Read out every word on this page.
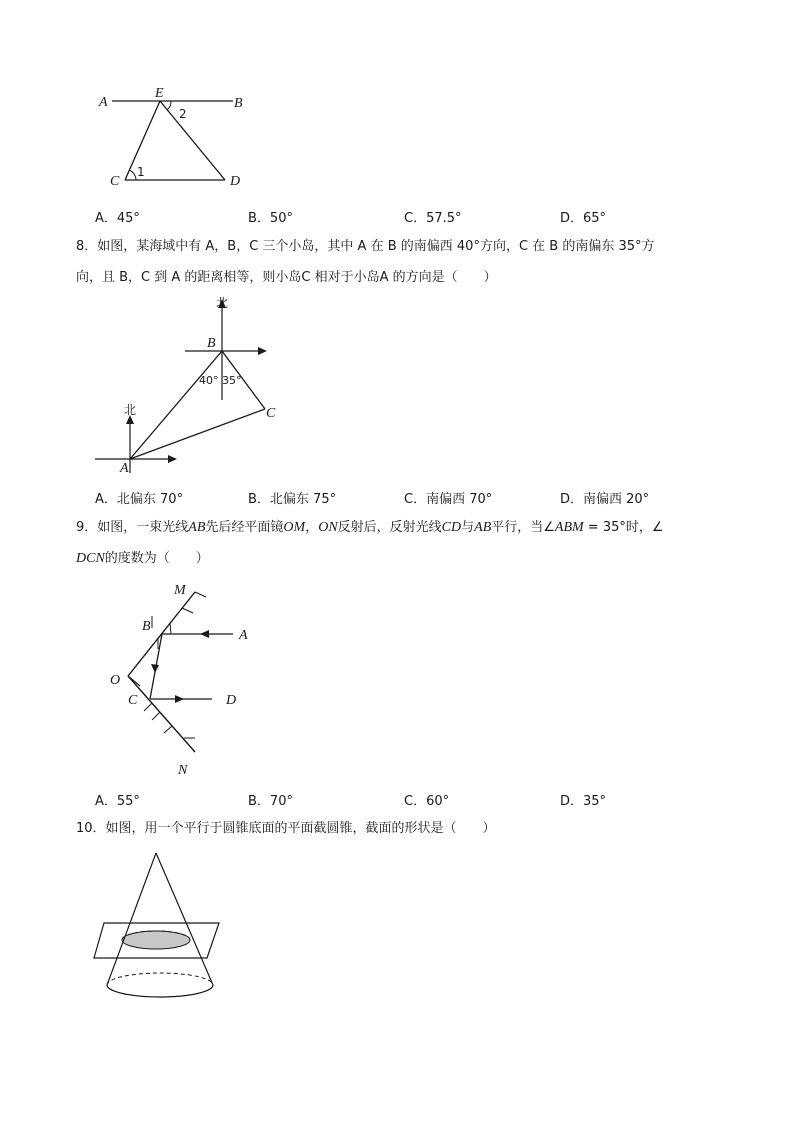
A
E
B
C	D
1
2
A．45°	B．50°	C．57.5°	D．65°
8．如图，某海域中有 A，B，C 三个小岛，其中 A 在 B 的南偏西 40°方向，C 在 B 的南偏东 35°方
向，且 B，C 到 A 的距离相等，则小岛C 相对于小岛A 的方向是（　　）
北
北
B
A
C
40° 35°
A．北偏东 70°	B．北偏东 75°	C．南偏西 70°	D．南偏西 20°
9．如图，一束光线AB先后经平面镜OM，ON反射后，反射光线CD与AB平行，当∠ABM = 35°时，∠
DCN的度数为（　　）
M
B
A
O
C	D
N
A．55°	B．70°	C．60°	D．35°
10．如图，用一个平行于圆锥底面的平面截圆锥，截面的形状是（　　）
